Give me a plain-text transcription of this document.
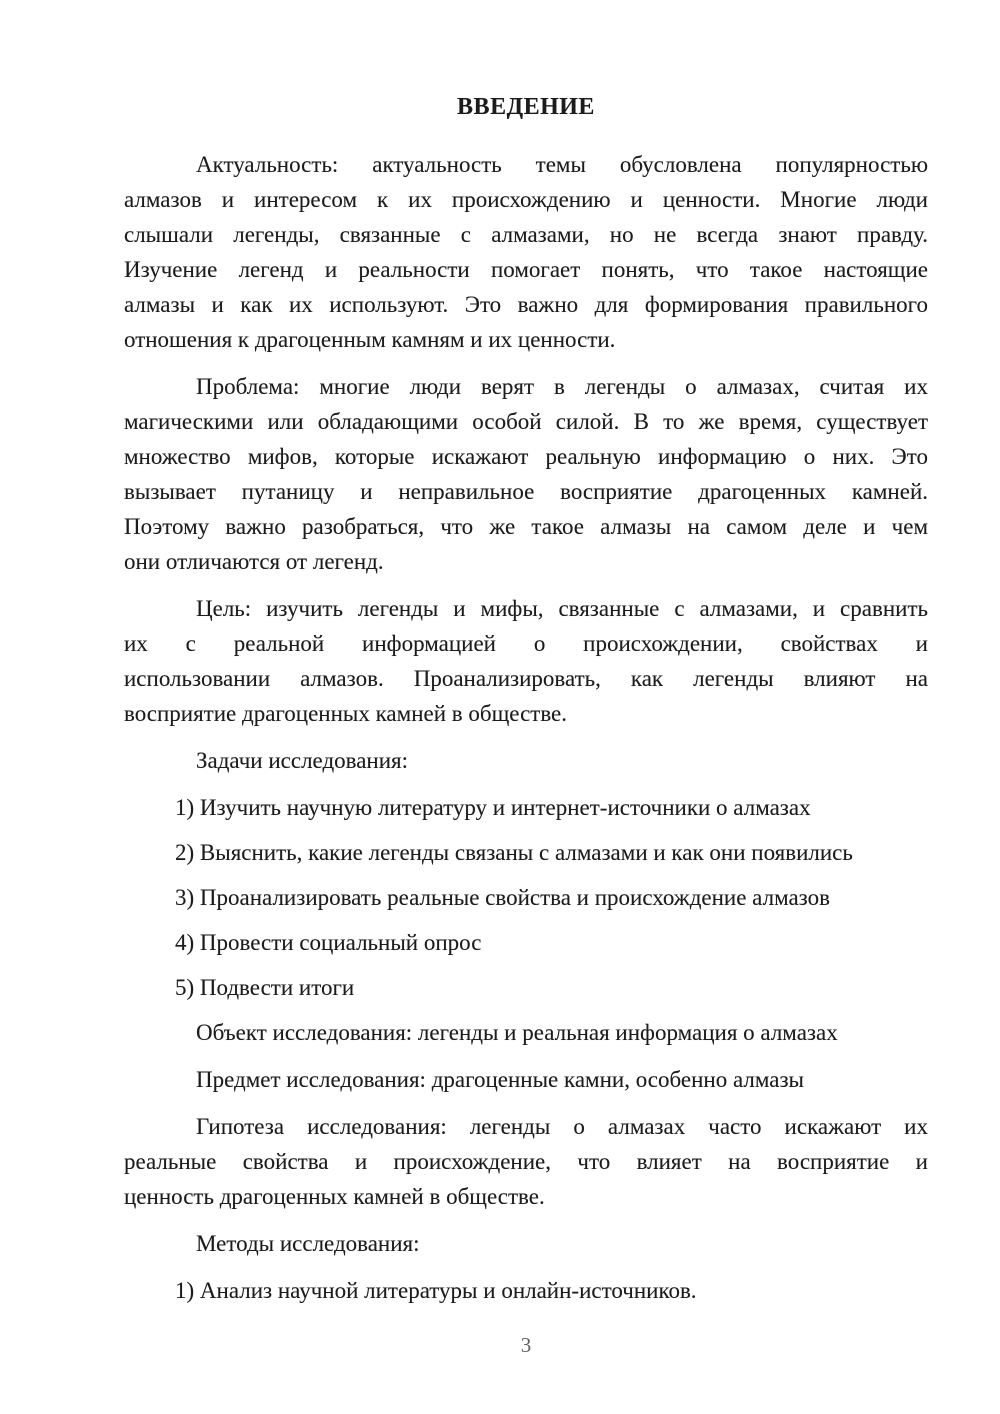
ВВЕДЕНИЕ

Актуальность: актуальность темы обусловлена популярностью
алмазов и интересом к их происхождению и ценности. Многие люди
слышали легенды, связанные с алмазами, но не всегда знают правду.
Изучение легенд и реальности помогает понять, что такое настоящие
алмазы и как их используют. Это важно для формирования правильного
отношения к драгоценным камням и их ценности.

Проблема: многие люди верят в легенды о алмазах, считая их
магическими или обладающими особой силой. В то же время, существует
множество мифов, которые искажают реальную информацию о них. Это
вызывает путаницу и неправильное восприятие драгоценных камней.
Поэтому важно разобраться, что же такое алмазы на самом деле и чем
они отличаются от легенд.

Цель: изучить легенды и мифы, связанные с алмазами, и сравнить
их с реальной информацией о происхождении, свойствах и
использовании алмазов. Проанализировать, как легенды влияют на
восприятие драгоценных камней в обществе.

Задачи исследования:

1) Изучить научную литературу и интернет-источники о алмазах

2) Выяснить, какие легенды связаны с алмазами и как они появились

3) Проанализировать реальные свойства и происхождение алмазов

4) Провести социальный опрос

5) Подвести итоги

Объект исследования: легенды и реальная информация о алмазах

Предмет исследования: драгоценные камни, особенно алмазы

Гипотеза исследования: легенды о алмазах часто искажают их
реальные свойства и происхождение, что влияет на восприятие и
ценность драгоценных камней в обществе.

Методы исследования:

1) Анализ научной литературы и онлайн-источников.

3
